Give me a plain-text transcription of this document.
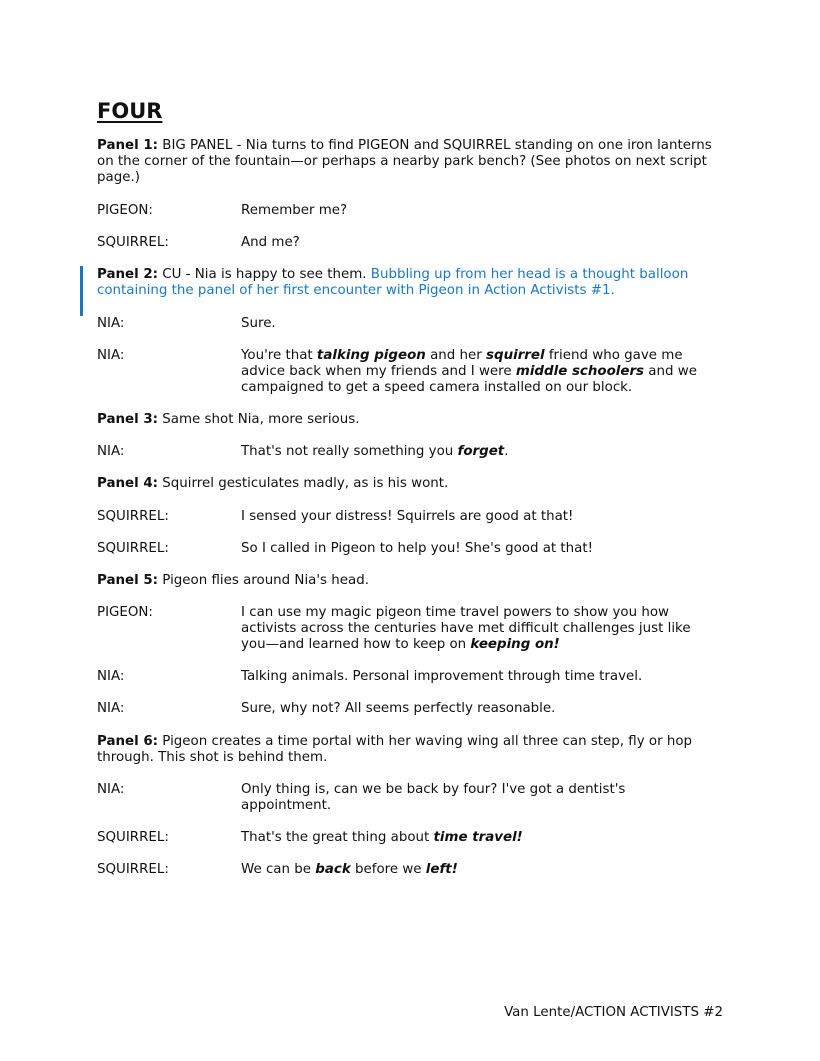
FOUR
Panel 1: BIG PANEL - Nia turns to find PIGEON and SQUIRREL standing on one iron lanterns on the corner of the fountain—or perhaps a nearby park bench? (See photos on next script page.)
PIGEON:	Remember me?
SQUIRREL:	And me?
Panel 2: CU - Nia is happy to see them. Bubbling up from her head is a thought balloon containing the panel of her first encounter with Pigeon in Action Activists #1.
NIA:	Sure.
NIA:	You're that talking pigeon and her squirrel friend who gave me advice back when my friends and I were middle schoolers and we campaigned to get a speed camera installed on our block.
Panel 3: Same shot Nia, more serious.
NIA:	That's not really something you forget.
Panel 4: Squirrel gesticulates madly, as is his wont.
SQUIRREL:	I sensed your distress! Squirrels are good at that!
SQUIRREL:	So I called in Pigeon to help you! She's good at that!
Panel 5: Pigeon flies around Nia's head.
PIGEON:	I can use my magic pigeon time travel powers to show you how activists across the centuries have met difficult challenges just like you—and learned how to keep on keeping on!
NIA:	Talking animals. Personal improvement through time travel.
NIA:	Sure, why not? All seems perfectly reasonable.
Panel 6: Pigeon creates a time portal with her waving wing all three can step, fly or hop through. This shot is behind them.
NIA:	Only thing is, can we be back by four? I've got a dentist's appointment.
SQUIRREL:	That's the great thing about time travel!
SQUIRREL:	We can be back before we left!
Van Lente/ACTION ACTIVISTS #2
